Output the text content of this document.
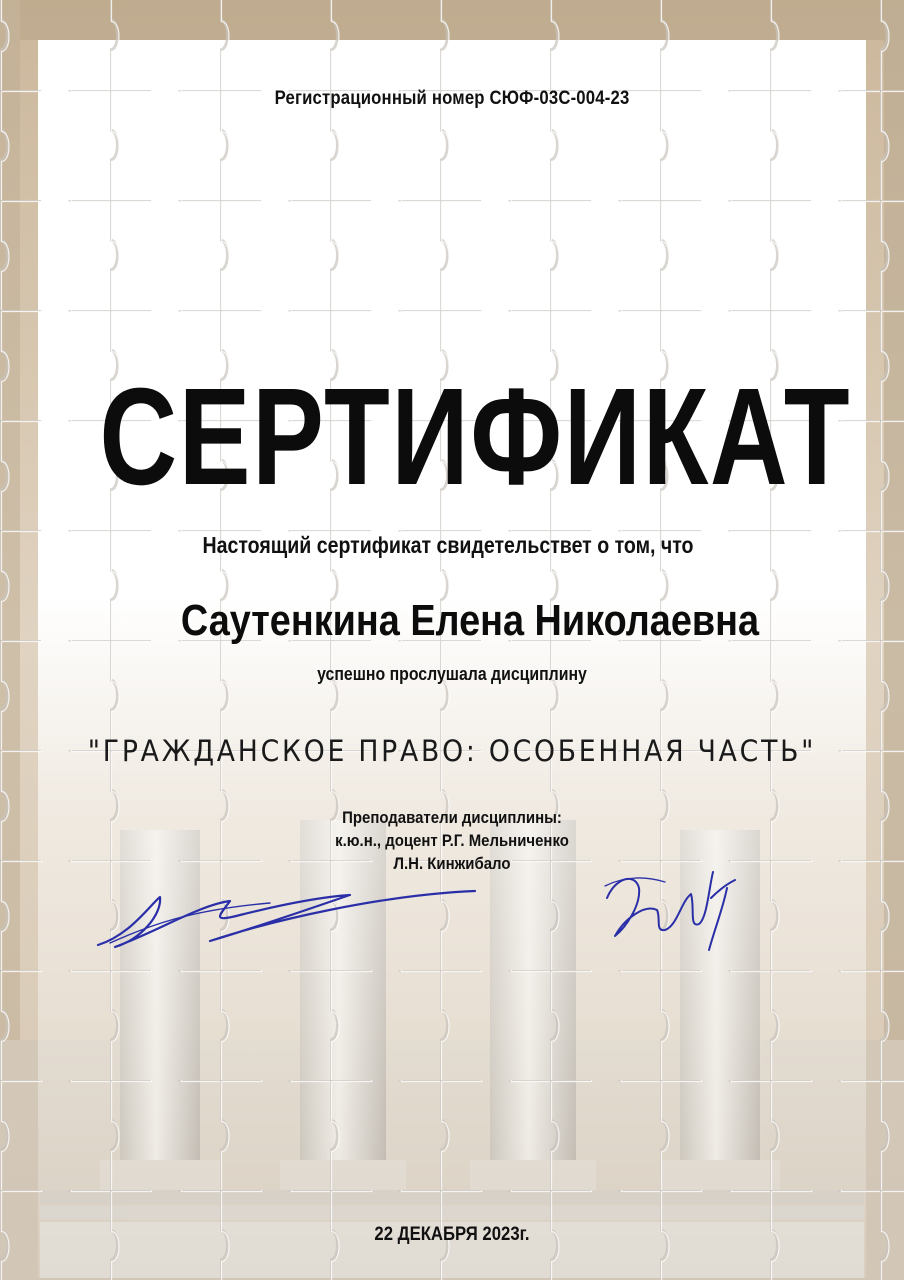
Регистрационный номер СЮФ-03С-004-23
СЕРТИФИКАТ
Настоящий сертификат свидетельствет о том, что
Саутенкина Елена Николаевна
успешно прослушала дисциплину
"ГРАЖДАНСКОЕ ПРАВО: ОСОБЕННАЯ ЧАСТЬ"
Преподаватели дисциплины:
к.ю.н., доцент Р.Г. Мельниченко
Л.Н. Кинжибало
22 ДЕКАБРЯ 2023г.
